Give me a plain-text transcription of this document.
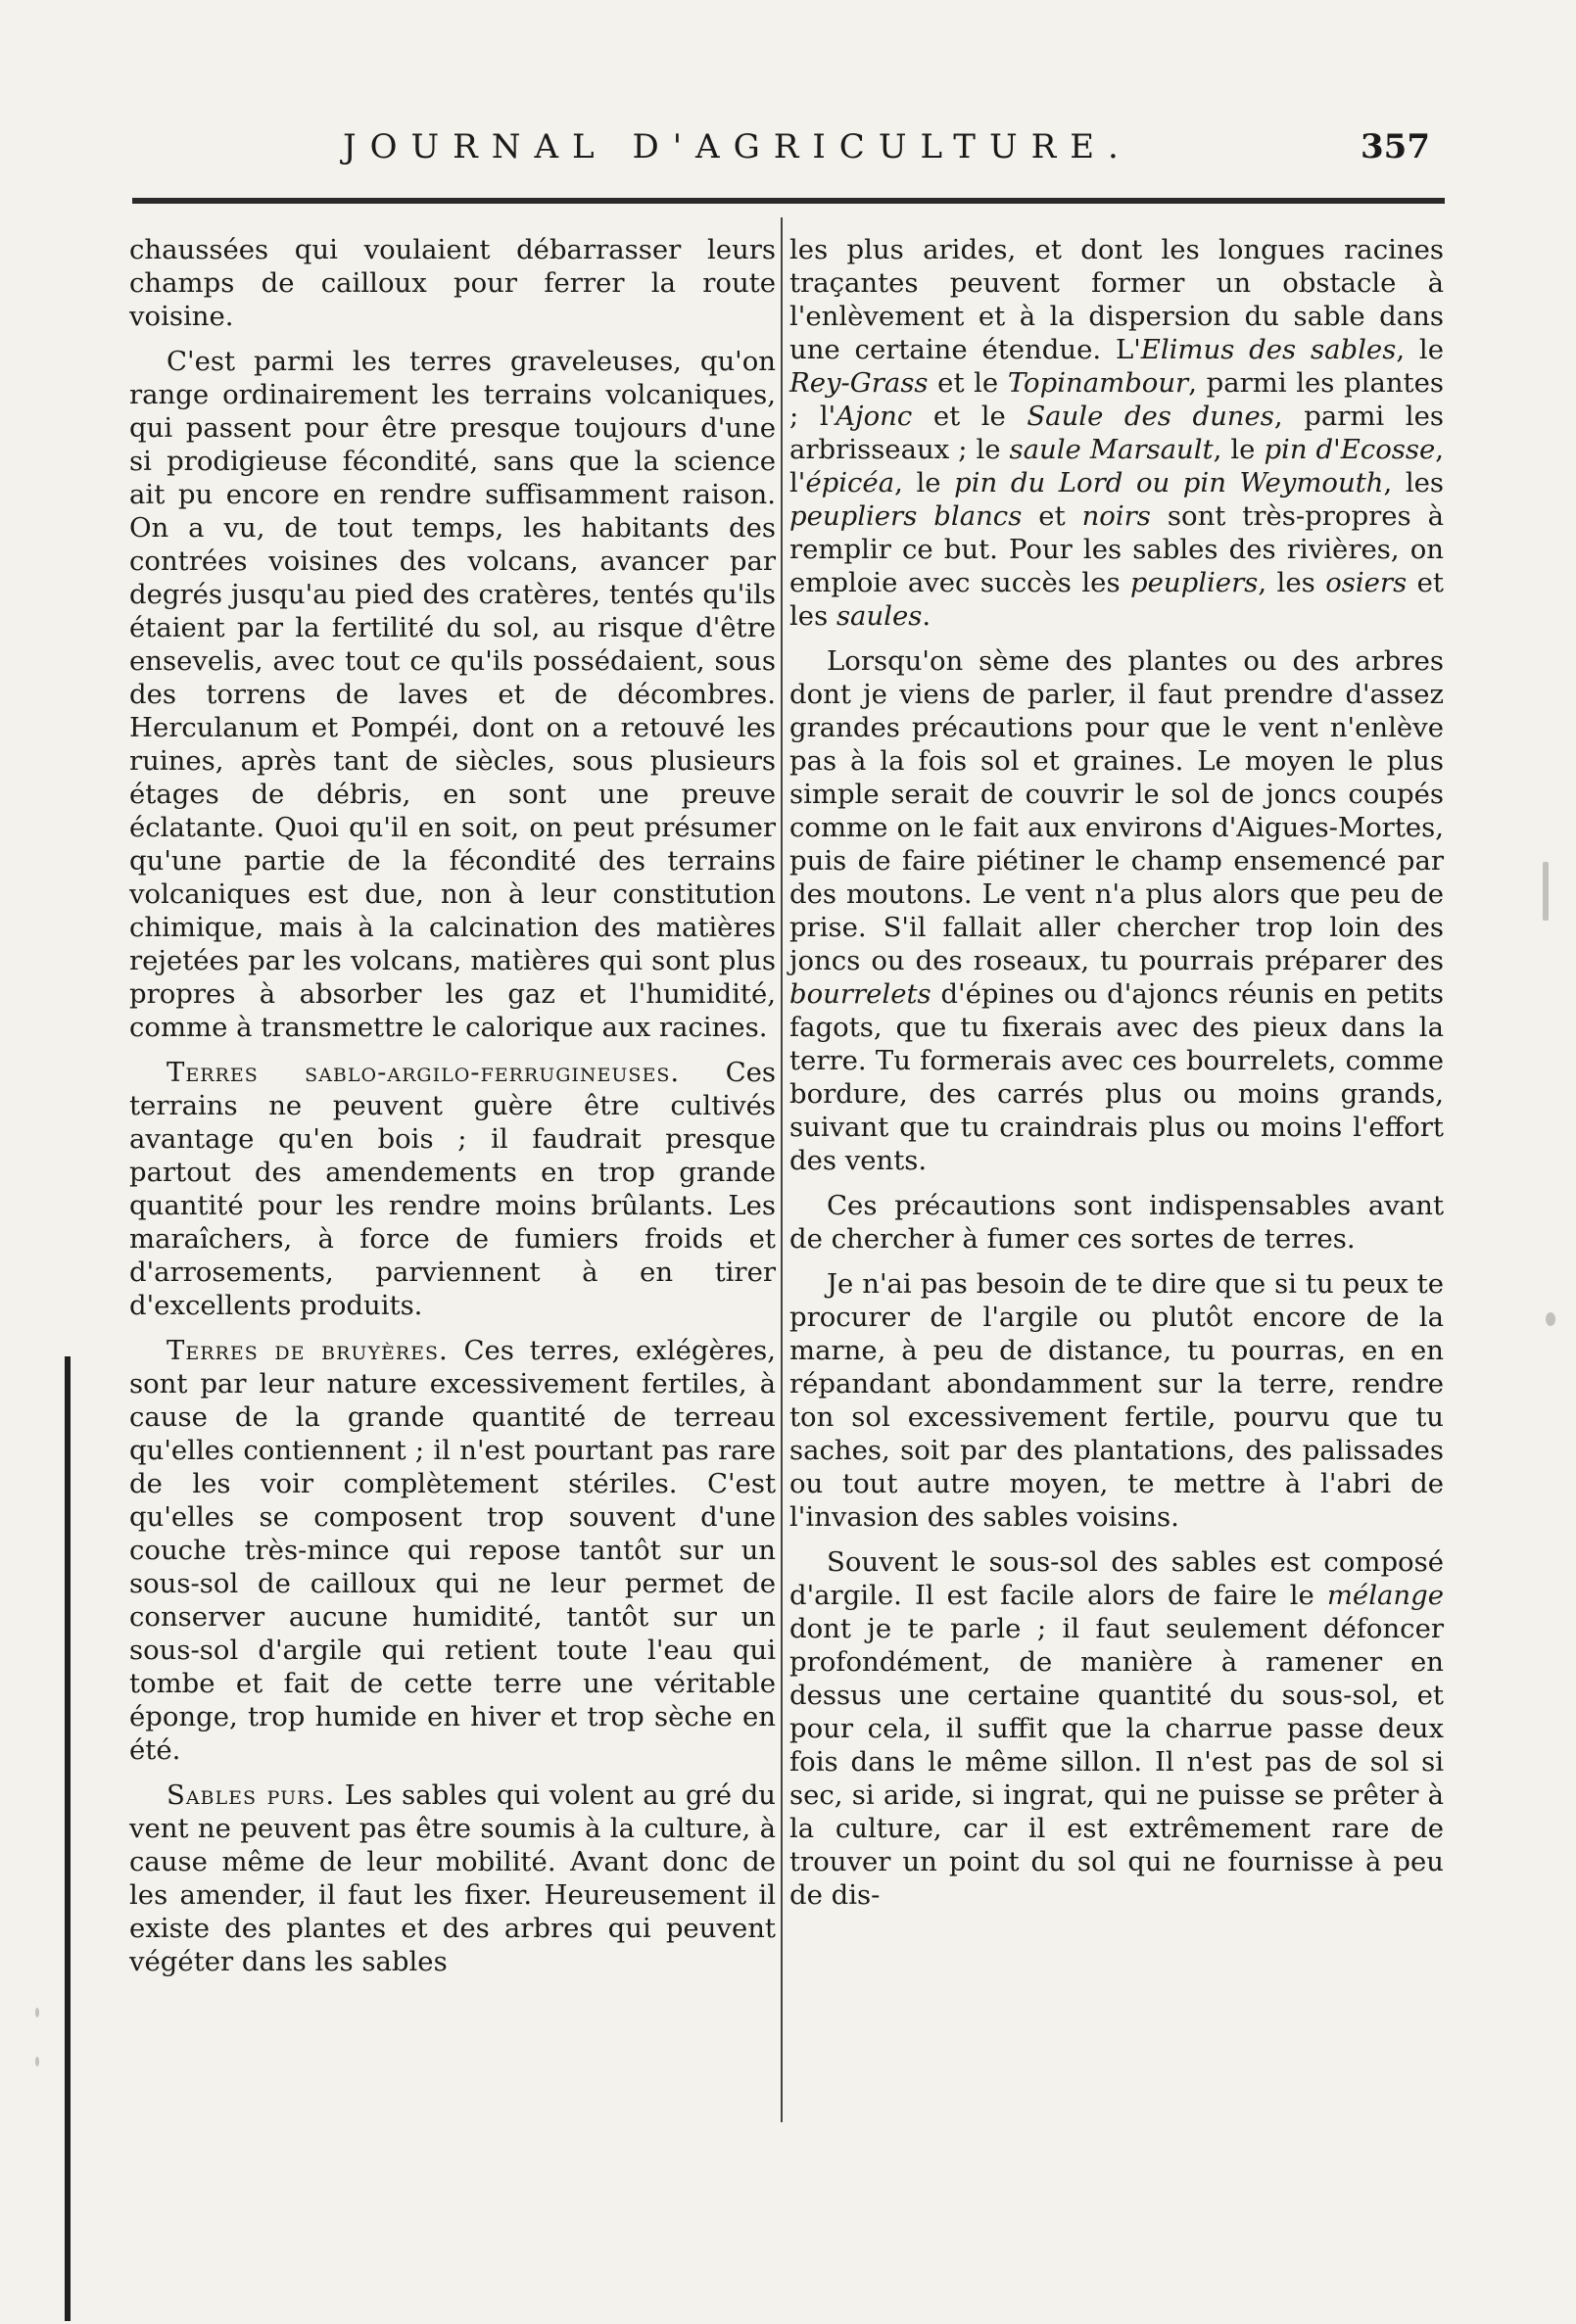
JOURNAL D'AGRICULTURE.	357

chaussées qui voulaient débarrasser leurs champs de cailloux pour ferrer la route voisine.

C'est parmi les terres graveleuses, qu'on range ordinairement les terrains volcaniques, qui passent pour être presque toujours d'une si prodigieuse fécondité, sans que la science ait pu encore en rendre suffisamment raison. On a vu, de tout temps, les habitants des contrées voisines des volcans, avancer par degrés jusqu'au pied des cratères, tentés qu'ils étaient par la fertilité du sol, au risque d'être ensevelis, avec tout ce qu'ils possédaient, sous des torrens de laves et de décombres. Herculanum et Pompéi, dont on a retouvé les ruines, après tant de siècles, sous plusieurs étages de débris, en sont une preuve éclatante. Quoi qu'il en soit, on peut présumer qu'une partie de la fécondité des terrains volcaniques est due, non à leur constitution chimique, mais à la calcination des matières rejetées par les volcans, matières qui sont plus propres à absorber les gaz et l'humidité, comme à transmettre le calorique aux racines.

Terres sablo-argilo-ferrugineuses. Ces terrains ne peuvent guère être cultivés avantage qu'en bois ; il faudrait presque partout des amendements en trop grande quantité pour les rendre moins brûlants. Les maraîchers, à force de fumiers froids et d'arrosements, parviennent à en tirer d'excellents produits.

Terres de bruyères. Ces terres, exlégères, sont par leur nature excessivement fertiles, à cause de la grande quantité de terreau qu'elles contiennent ; il n'est pourtant pas rare de les voir complètement stériles. C'est qu'elles se composent trop souvent d'une couche très-mince qui repose tantôt sur un sous-sol de cailloux qui ne leur permet de conserver aucune humidité, tantôt sur un sous-sol d'argile qui retient toute l'eau qui tombe et fait de cette terre une véritable éponge, trop humide en hiver et trop sèche en été.

Sables purs. Les sables qui volent au gré du vent ne peuvent pas être soumis à la culture, à cause même de leur mobilité. Avant donc de les amender, il faut les fixer. Heureusement il existe des plantes et des arbres qui peuvent végéter dans les sables

les plus arides, et dont les longues racines traçantes peuvent former un obstacle à l'enlèvement et à la dispersion du sable dans une certaine étendue. L'Elimus des sables, le Rey-Grass et le Topinambour, parmi les plantes ; l'Ajonc et le Saule des dunes, parmi les arbrisseaux ; le saule Marsault, le pin d'Ecosse, l'épicéa, le pin du Lord ou pin Weymouth, les peupliers blancs et noirs sont très-propres à remplir ce but. Pour les sables des rivières, on emploie avec succès les peupliers, les osiers et les saules.

Lorsqu'on sème des plantes ou des arbres dont je viens de parler, il faut prendre d'assez grandes précautions pour que le vent n'enlève pas à la fois sol et graines. Le moyen le plus simple serait de couvrir le sol de joncs coupés comme on le fait aux environs d'Aigues-Mortes, puis de faire piétiner le champ ensemencé par des moutons. Le vent n'a plus alors que peu de prise. S'il fallait aller chercher trop loin des joncs ou des roseaux, tu pourrais préparer des bourrelets d'épines ou d'ajoncs réunis en petits fagots, que tu fixerais avec des pieux dans la terre. Tu formerais avec ces bourrelets, comme bordure, des carrés plus ou moins grands, suivant que tu craindrais plus ou moins l'effort des vents.

Ces précautions sont indispensables avant de chercher à fumer ces sortes de terres.

Je n'ai pas besoin de te dire que si tu peux te procurer de l'argile ou plutôt encore de la marne, à peu de distance, tu pourras, en en répandant abondamment sur la terre, rendre ton sol excessivement fertile, pourvu que tu saches, soit par des plantations, des palissades ou tout autre moyen, te mettre à l'abri de l'invasion des sables voisins.

Souvent le sous-sol des sables est composé d'argile. Il est facile alors de faire le mélange dont je te parle ; il faut seulement défoncer profondément, de manière à ramener en dessus une certaine quantité du sous-sol, et pour cela, il suffit que la charrue passe deux fois dans le même sillon. Il n'est pas de sol si sec, si aride, si ingrat, qui ne puisse se prêter à la culture, car il est extrêmement rare de trouver un point du sol qui ne fournisse à peu de dis-
